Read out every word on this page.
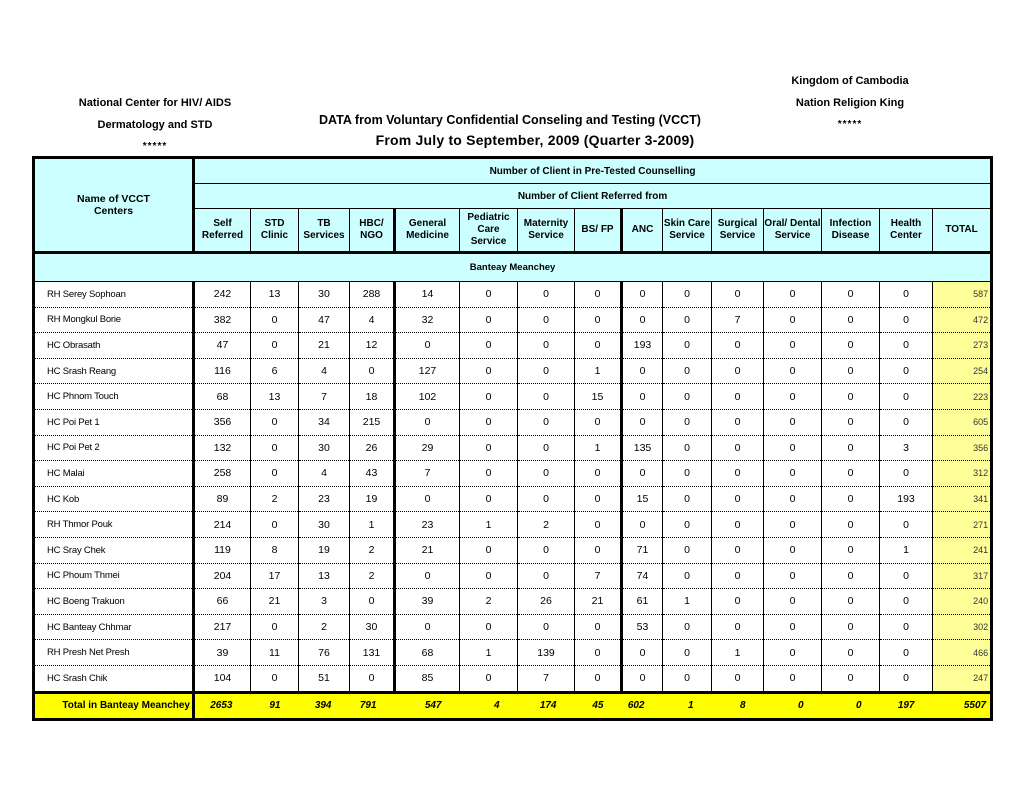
National Center for HIV/ AIDS
Dermatology and STD
*****
Kingdom of Cambodia
Nation Religion King
*****
DATA from Voluntary Confidential Conseling and Testing (VCCT)
From July to September, 2009 (Quarter 3-2009)
Name of VCCT Centers	Number of Client in Pre-Tested Counselling														
	Number of Client Referred from														
	Self Referred	STD Clinic	TB Services	HBC/ NGO	General Medicine	Pediatric Care Service	Maternity Service	BS/ FP	ANC	Skin Care Service	Surgical Service	Oral/ Dental Service	Infection Disease	Health Center	TOTAL
Banteay Meanchey															
RH Serey Sophoan	242	13	30	288	14	0	0	0	0	0	0	0	0	0	587
RH Mongkul Borie	382	0	47	4	32	0	0	0	0	0	7	0	0	0	472
HC Obrasath	47	0	21	12	0	0	0	0	193	0	0	0	0	0	273
HC Srash Reang	116	6	4	0	127	0	0	1	0	0	0	0	0	0	254
HC Phnom Touch	68	13	7	18	102	0	0	15	0	0	0	0	0	0	223
HC Poi Pet 1	356	0	34	215	0	0	0	0	0	0	0	0	0	0	605
HC Poi Pet 2	132	0	30	26	29	0	0	1	135	0	0	0	0	3	356
HC Malai	258	0	4	43	7	0	0	0	0	0	0	0	0	0	312
HC Kob	89	2	23	19	0	0	0	0	15	0	0	0	0	193	341
RH Thmor Pouk	214	0	30	1	23	1	2	0	0	0	0	0	0	0	271
HC Sray Chek	119	8	19	2	21	0	0	0	71	0	0	0	0	1	241
HC Phoum Thmei	204	17	13	2	0	0	0	7	74	0	0	0	0	0	317
HC Boeng Trakuon	66	21	3	0	39	2	26	21	61	1	0	0	0	0	240
HC Banteay Chhmar	217	0	2	30	0	0	0	0	53	0	0	0	0	0	302
RH Presh Net Presh	39	11	76	131	68	1	139	0	0	0	1	0	0	0	466
HC Srash Chik	104	0	51	0	85	0	7	0	0	0	0	0	0	0	247
Total in Banteay Meanchey	2653	91	394	791	547	4	174	45	602	1	8	0	0	197	5507
